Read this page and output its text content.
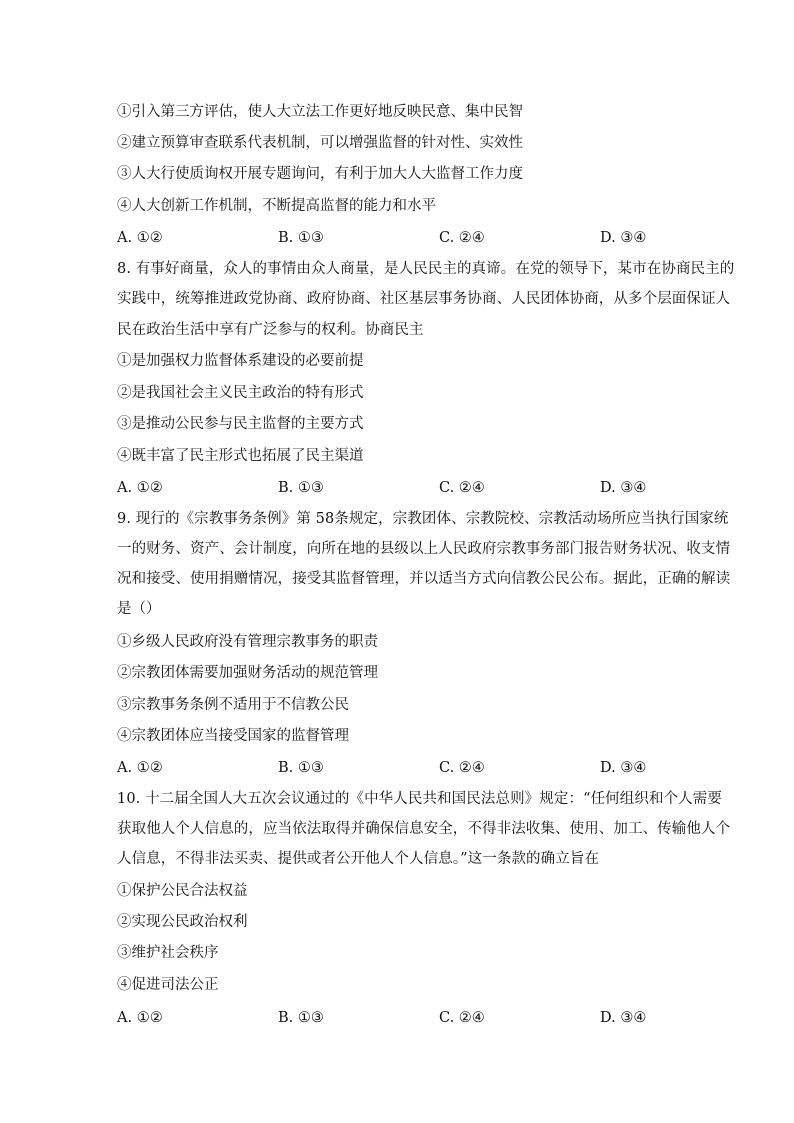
①引入第三方评估，使人大立法工作更好地反映民意、集中民智
②建立预算审查联系代表机制，可以增强监督的针对性、实效性
③人大行使质询权开展专题询问，有利于加大人大监督工作力度
④人大创新工作机制，不断提高监督的能力和水平
A. ①②	B. ①③	C. ②④	D. ③④
8. 有事好商量，众人的事情由众人商量，是人民民主的真谛。在党的领导下，某市在协商民主的
实践中，统筹推进政党协商、政府协商、社区基层事务协商、人民团体协商，从多个层面保证人
民在政治生活中享有广泛参与的权利。协商民主
①是加强权力监督体系建设的必要前提
②是我国社会主义民主政治的特有形式
③是推动公民参与民主监督的主要方式
④既丰富了民主形式也拓展了民主渠道
A. ①②	B. ①③	C. ②④	D. ③④
9. 现行的《宗教事务条例》第 58条规定，宗教团体、宗教院校、宗教活动场所应当执行国家统
一的财务、资产、会计制度，向所在地的县级以上人民政府宗教事务部门报告财务状况、收支情
况和接受、使用捐赠情况，接受其监督管理，并以适当方式向信教公民公布。据此，正确的解读
是（）
①乡级人民政府没有管理宗教事务的职责
②宗教团体需要加强财务活动的规范管理
③宗教事务条例不适用于不信教公民
④宗教团体应当接受国家的监督管理
A. ①②	B. ①③	C. ②④	D. ③④
10. 十二届全国人大五次会议通过的《中华人民共和国民法总则》规定：“任何组织和个人需要
获取他人个人信息的，应当依法取得并确保信息安全，不得非法收集、使用、加工、传输他人个
人信息，不得非法买卖、提供或者公开他人个人信息。”这一条款的确立旨在
①保护公民合法权益
②实现公民政治权利
③维护社会秩序
④促进司法公正
A. ①②	B. ①③	C. ②④	D. ③④
